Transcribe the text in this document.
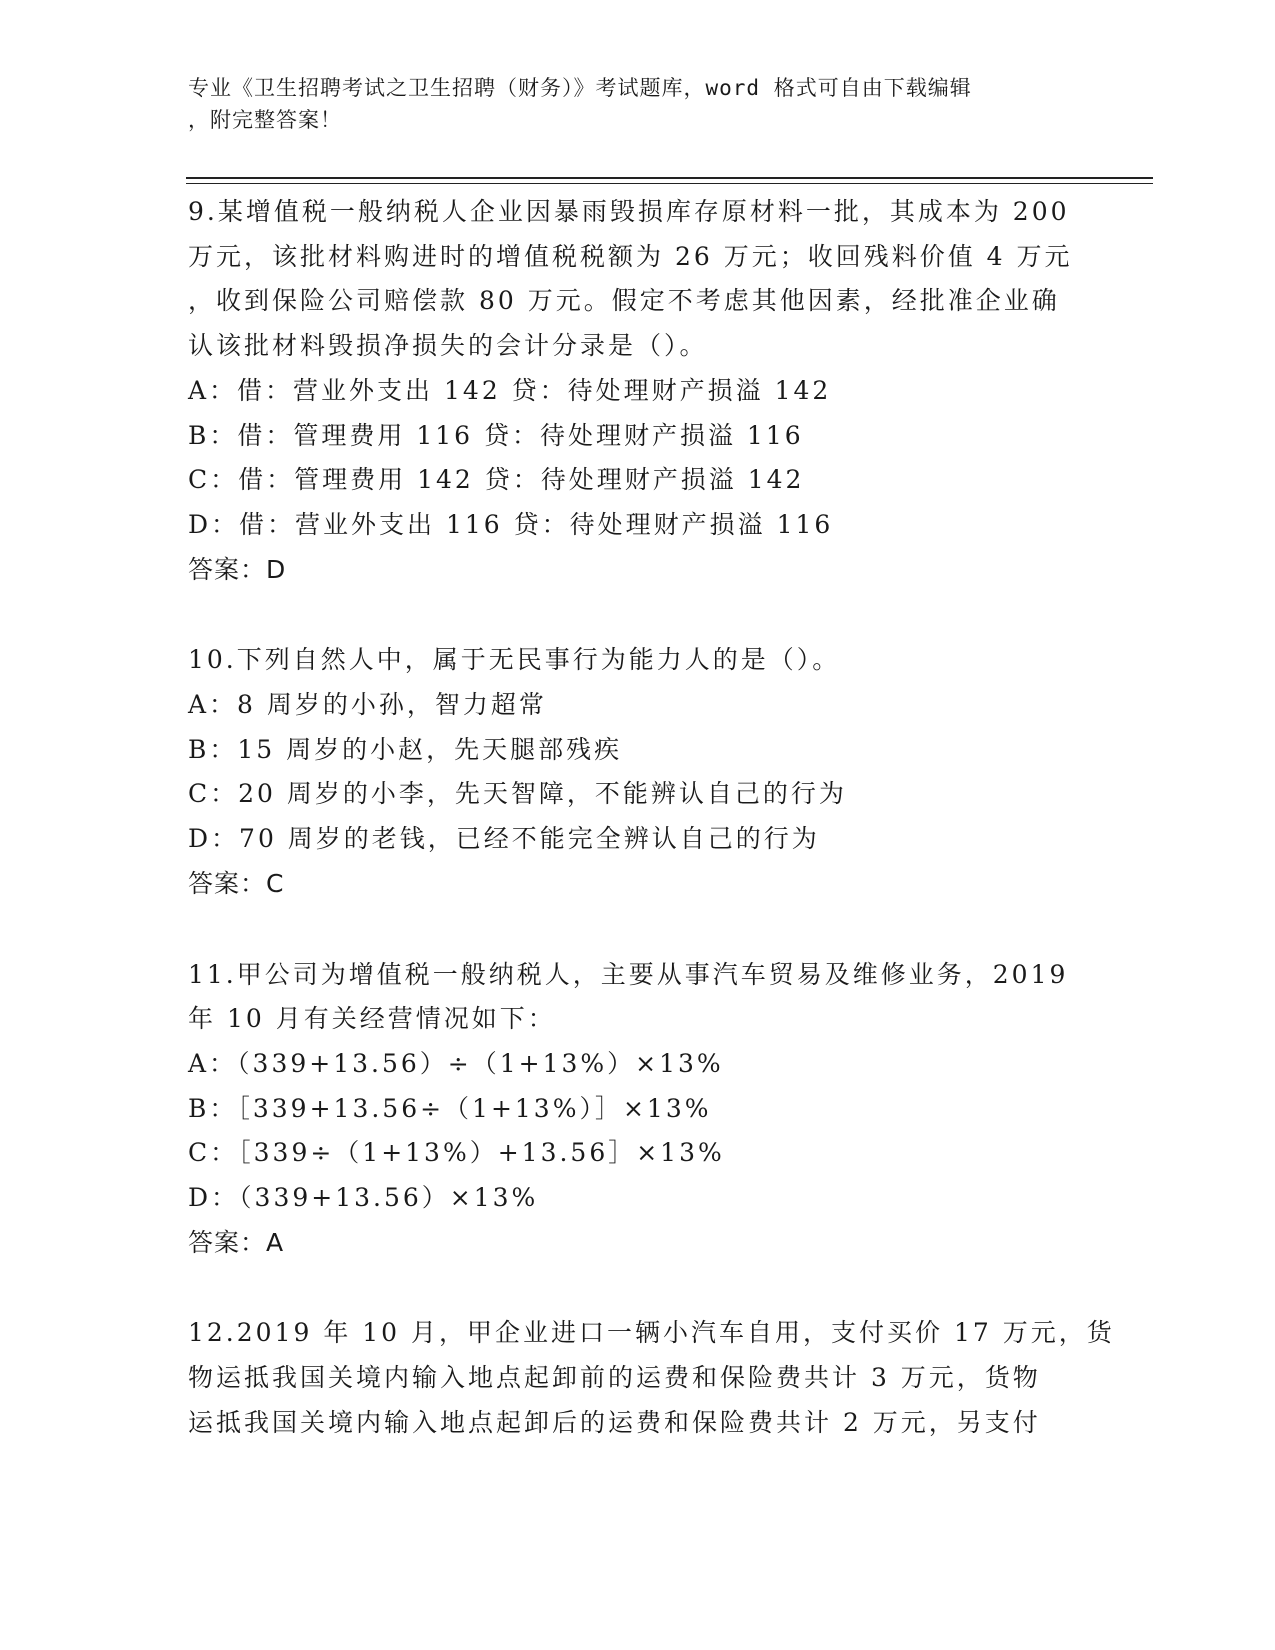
专业《卫生招聘考试之卫生招聘（财务）》考试题库，word 格式可自由下载编辑
，附完整答案！
9.某增值税一般纳税人企业因暴雨毁损库存原材料一批，其成本为 200
万元，该批材料购进时的增值税税额为 26 万元；收回残料价值 4 万元
，收到保险公司赔偿款 80 万元。假定不考虑其他因素，经批准企业确
认该批材料毁损净损失的会计分录是（）。
A：借：营业外支出 142 贷：待处理财产损溢 142
B：借：管理费用 116 贷：待处理财产损溢 116
C：借：管理费用 142 贷：待处理财产损溢 142
D：借：营业外支出 116 贷：待处理财产损溢 116
答案：D
10.下列自然人中，属于无民事行为能力人的是（）。
A：8 周岁的小孙，智力超常
B：15 周岁的小赵，先天腿部残疾
C：20 周岁的小李，先天智障，不能辨认自己的行为
D：70 周岁的老钱，已经不能完全辨认自己的行为
答案：C
11.甲公司为增值税一般纳税人，主要从事汽车贸易及维修业务，2019
年 10 月有关经营情况如下：
A：（339+13.56）÷（1+13%）×13%
B：［339+13.56÷（1+13%）］×13%
C：［339÷（1+13%）+13.56］×13%
D：（339+13.56）×13%
答案：A
12.2019 年 10 月，甲企业进口一辆小汽车自用，支付买价 17 万元，货
物运抵我国关境内输入地点起卸前的运费和保险费共计 3 万元，货物
运抵我国关境内输入地点起卸后的运费和保险费共计 2 万元，另支付
